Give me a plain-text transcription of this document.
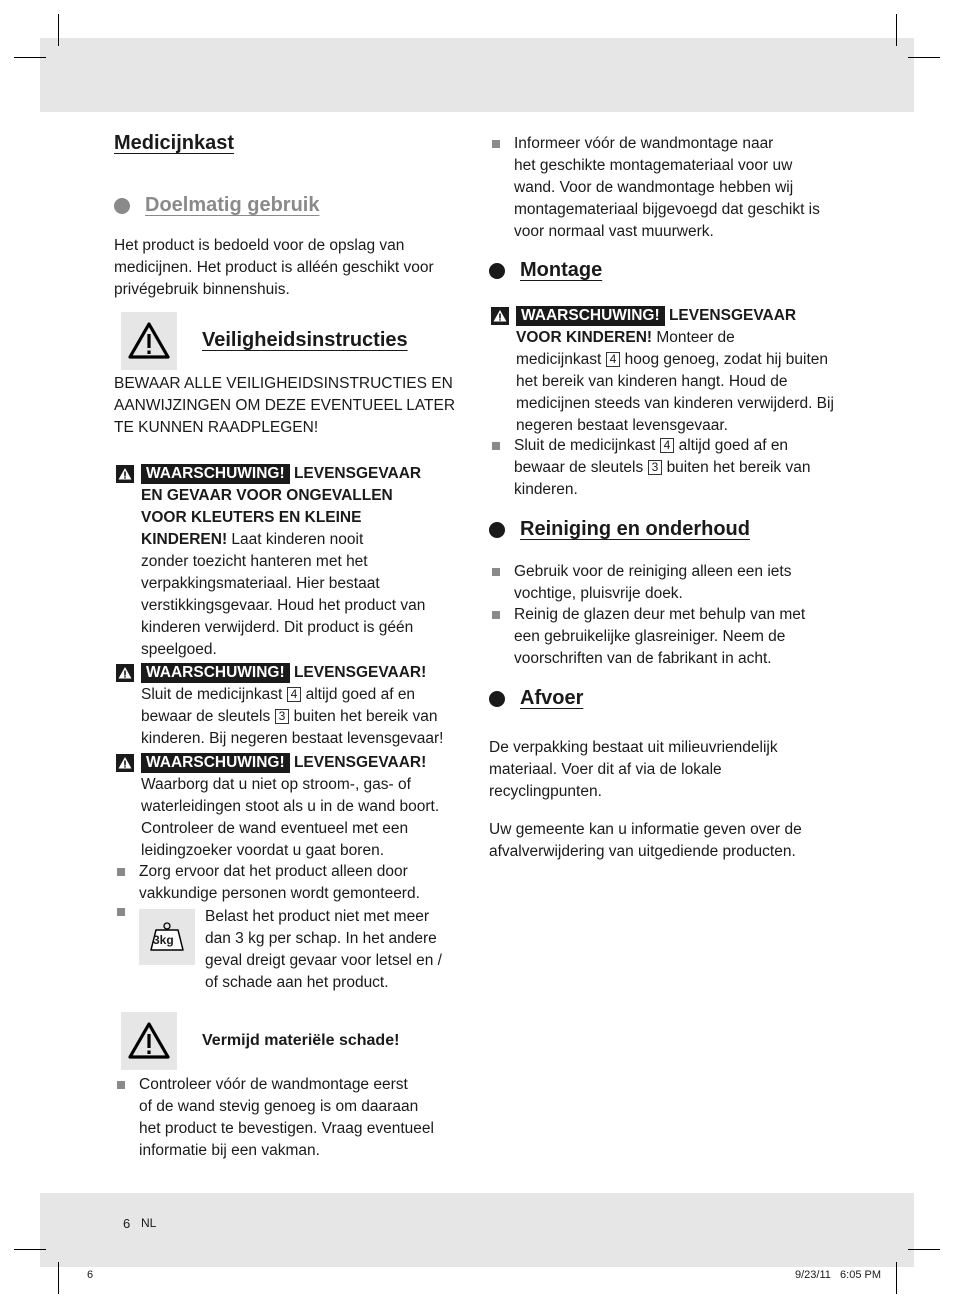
Medicijnkast
Doelmatig gebruik
Het product is bedoeld voor de opslag van
medicijnen. Het product is alléén geschikt voor
privégebruik binnenshuis.
Veiligheidsinstructies
BEWAAR ALLE VEILIGHEIDSINSTRUCTIES EN
AANWIJZINGEN OM DEZE EVENTUEEL LATER
TE KUNNEN RAADPLEGEN!
WAARSCHUWING! LEVENSGEVAAR
EN GEVAAR VOOR ONGEVALLEN
VOOR KLEUTERS EN KLEINE
KINDEREN! Laat kinderen nooit
zonder toezicht hanteren met het
verpakkingsmateriaal. Hier bestaat
verstikkingsgevaar. Houd het product van
kinderen verwijderd. Dit product is géén
speelgoed.
WAARSCHUWING! LEVENSGEVAAR!
Sluit de medicijnkast 4 altijd goed af en
bewaar de sleutels 3 buiten het bereik van
kinderen. Bij negeren bestaat levensgevaar!
WAARSCHUWING! LEVENSGEVAAR!
Waarborg dat u niet op stroom-, gas- of
waterleidingen stoot als u in de wand boort.
Controleer de wand eventueel met een
leidingzoeker voordat u gaat boren.
Zorg ervoor dat het product alleen door
vakkundige personen wordt gemonteerd.
3kg
Belast het product niet met meer
dan 3 kg per schap. In het andere
geval dreigt gevaar voor letsel en /
of schade aan het product.
Vermijd materiële schade!
Controleer vóór de wandmontage eerst
of de wand stevig genoeg is om daaraan
het product te bevestigen. Vraag eventueel
informatie bij een vakman.
Informeer vóór de wandmontage naar
het geschikte montagemateriaal voor uw
wand. Voor de wandmontage hebben wij
montagemateriaal bijgevoegd dat geschikt is
voor normaal vast muurwerk.
Montage
WAARSCHUWING! LEVENSGEVAAR
VOOR KINDEREN! Monteer de
medicijnkast 4 hoog genoeg, zodat hij buiten
het bereik van kinderen hangt. Houd de
medicijnen steeds van kinderen verwijderd. Bij
negeren bestaat levensgevaar.
Sluit de medicijnkast 4 altijd goed af en
bewaar de sleutels 3 buiten het bereik van
kinderen.
Reiniging en onderhoud
Gebruik voor de reiniging alleen een iets
vochtige, pluisvrije doek.
Reinig de glazen deur met behulp van met
een gebruikelijke glasreiniger. Neem de
voorschriften van de fabrikant in acht.
Afvoer
De verpakking bestaat uit milieuvriendelijk
materiaal. Voer dit af via de lokale
recyclingpunten.
Uw gemeente kan u informatie geven over de
afvalverwijdering van uitgediende producten.
6 NL
6	9/23/11   6:05 PM
